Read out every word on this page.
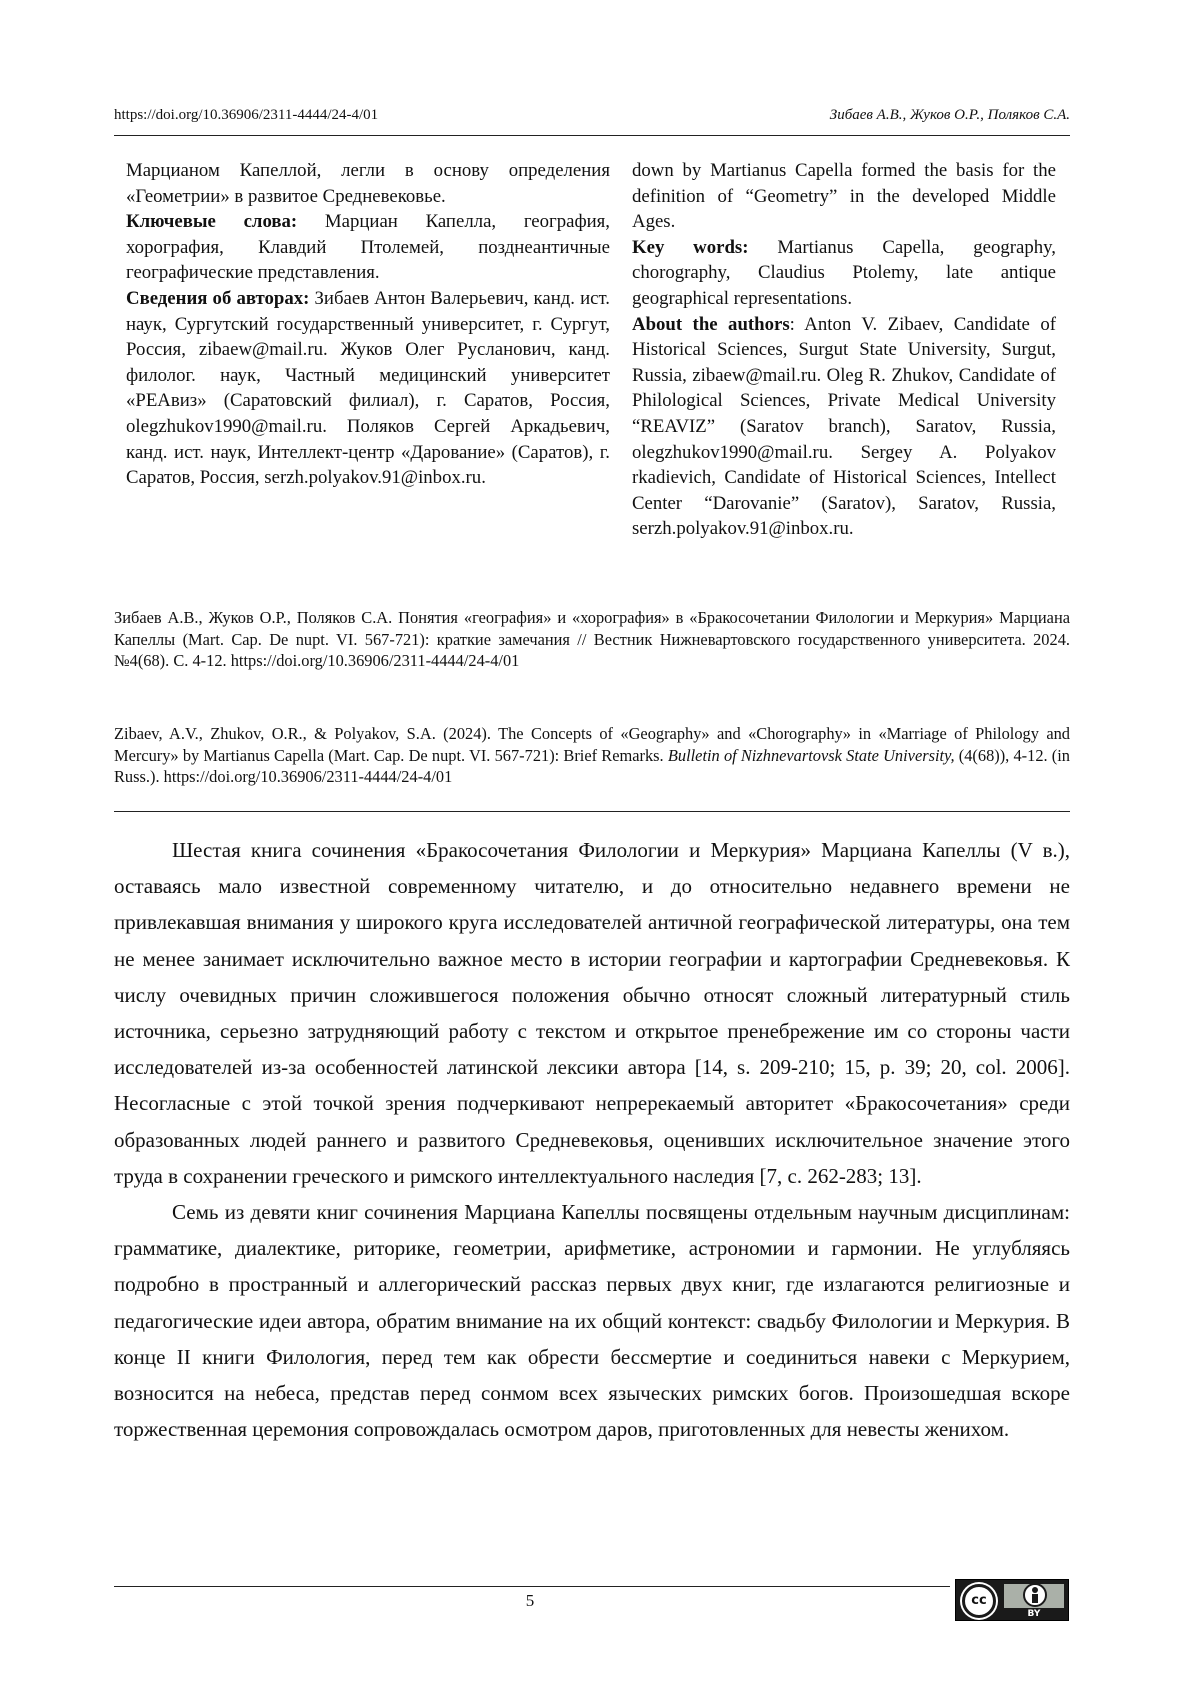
https://doi.org/10.36906/2311-4444/24-4/01	Зибаев А.В., Жуков О.Р., Поляков С.А.

Марцианом Капеллой, легли в основу определения «Геометрии» в развитое Средневековье.

Ключевые слова: Марциан Капелла, география, хорография, Клавдий Птолемей, позднеантичные географические представления.

Сведения об авторах: Зибаев Антон Валерьевич, канд. ист. наук, Сургутский государственный университет, г. Сургут, Россия, zibaew@mail.ru. Жуков Олег Русланович, канд. филолог. наук, Частный медицинский университет «РЕАвиз» (Саратовский филиал), г. Саратов, Россия, olegzhukov1990@mail.ru. Поляков Сергей Аркадьевич, канд. ист. наук, Интеллект-центр «Дарование» (Саратов), г. Саратов, Россия, serzh.polyakov.91@inbox.ru.

down by Martianus Capella formed the basis for the definition of “Geometry” in the developed Middle Ages.

Key words: Martianus Capella, geography, chorography, Claudius Ptolemy, late antique geographical representations.

About the authors: Anton V. Zibaev, Candidate of Historical Sciences, Surgut State University, Surgut, Russia, zibaew@mail.ru. Oleg R. Zhukov, Candidate of Philological Sciences, Private Medical University “REAVIZ” (Saratov branch), Saratov, Russia, olegzhukov1990@mail.ru. Sergey A. Polyakov rkadievich, Candidate of Historical Sciences, Intellect Center “Darovanie” (Saratov), Saratov, Russia, serzh.polyakov.91@inbox.ru.

Зибаев А.В., Жуков О.Р., Поляков С.А. Понятия «география» и «хорография» в «Бракосочетании Филологии и Меркурия» Марциана Капеллы (Mart. Cap. De nupt. VI. 567-721): краткие замечания // Вестник Нижневартовского государственного университета. 2024. №4(68). С. 4-12. https://doi.org/10.36906/2311-4444/24-4/01

Zibaev, A.V., Zhukov, O.R., & Polyakov, S.A. (2024). The Concepts of «Geography» and «Chorography» in «Marriage of Philology and Mercury» by Martianus Capella (Mart. Cap. De nupt. VI. 567-721): Brief Remarks. Bulletin of Nizhnevartovsk State University, (4(68)), 4-12. (in Russ.). https://doi.org/10.36906/2311-4444/24-4/01

Шестая книга сочинения «Бракосочетания Филологии и Меркурия» Марциана Капеллы (V в.), оставаясь мало известной современному читателю, и до относительно недавнего времени не привлекавшая внимания у широкого круга исследователей античной географической литературы, она тем не менее занимает исключительно важное место в истории географии и картографии Средневековья. К числу очевидных причин сложившегося положения обычно относят сложный литературный стиль источника, серьезно затрудняющий работу с текстом и открытое пренебрежение им со стороны части исследователей из-за особенностей латинской лексики автора [14, s. 209-210; 15, p. 39; 20, col. 2006]. Несогласные с этой точкой зрения подчеркивают непререкаемый авторитет «Бракосочетания» среди образованных людей раннего и развитого Средневековья, оценивших исключительное значение этого труда в сохранении греческого и римского интеллектуального наследия [7, с. 262-283; 13].

Семь из девяти книг сочинения Марциана Капеллы посвящены отдельным научным дисциплинам: грамматике, диалектике, риторике, геометрии, арифметике, астрономии и гармонии. Не углубляясь подробно в пространный и аллегорический рассказ первых двух книг, где излагаются религиозные и педагогические идеи автора, обратим внимание на их общий контекст: свадьбу Филологии и Меркурия. В конце II книги Филология, перед тем как обрести бессмертие и соединиться навеки с Меркурием, возносится на небеса, представ перед сонмом всех языческих римских богов. Произошедшая вскоре торжественная церемония сопровождалась осмотром даров, приготовленных для невесты женихом.

5	cc
BY
